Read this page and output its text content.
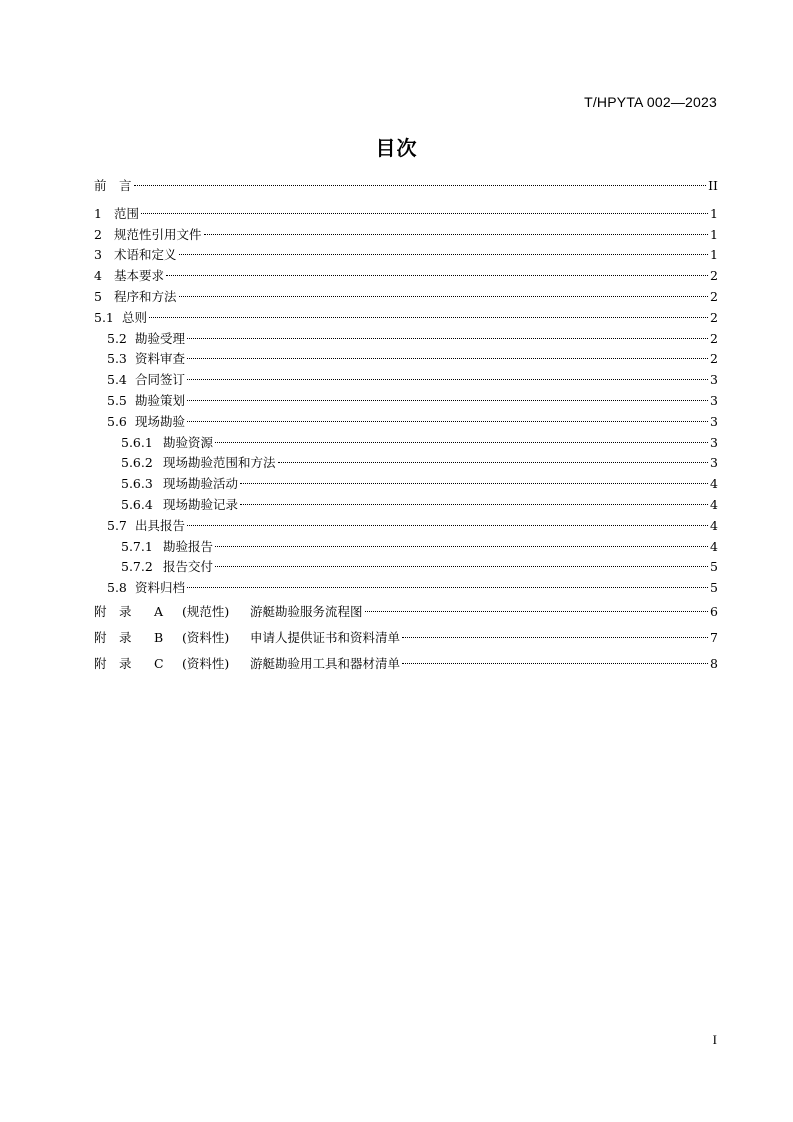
T/HPYTA 002—2023
目次
前　言	II
1 范围	1
2 规范性引用文件	1
3 术语和定义	1
4 基本要求	2
5 程序和方法	2
5.1 总则	2
5.2 勘验受理	2
5.3 资料审查	2
5.4 合同签订	3
5.5 勘验策划	3
5.6 现场勘验	3
5.6.1 勘验资源	3
5.6.2 现场勘验范围和方法	3
5.6.3 现场勘验活动	4
5.6.4 现场勘验记录	4
5.7 出具报告	4
5.7.1 勘验报告	4
5.7.2 报告交付	5
5.8 资料归档	5
附　录	A	(规范性)	游艇勘验服务流程图	6
附　录	B	(资料性)	申请人提供证书和资料清单	7
附　录	C	(资料性)	游艇勘验用工具和器材清单	8
I
